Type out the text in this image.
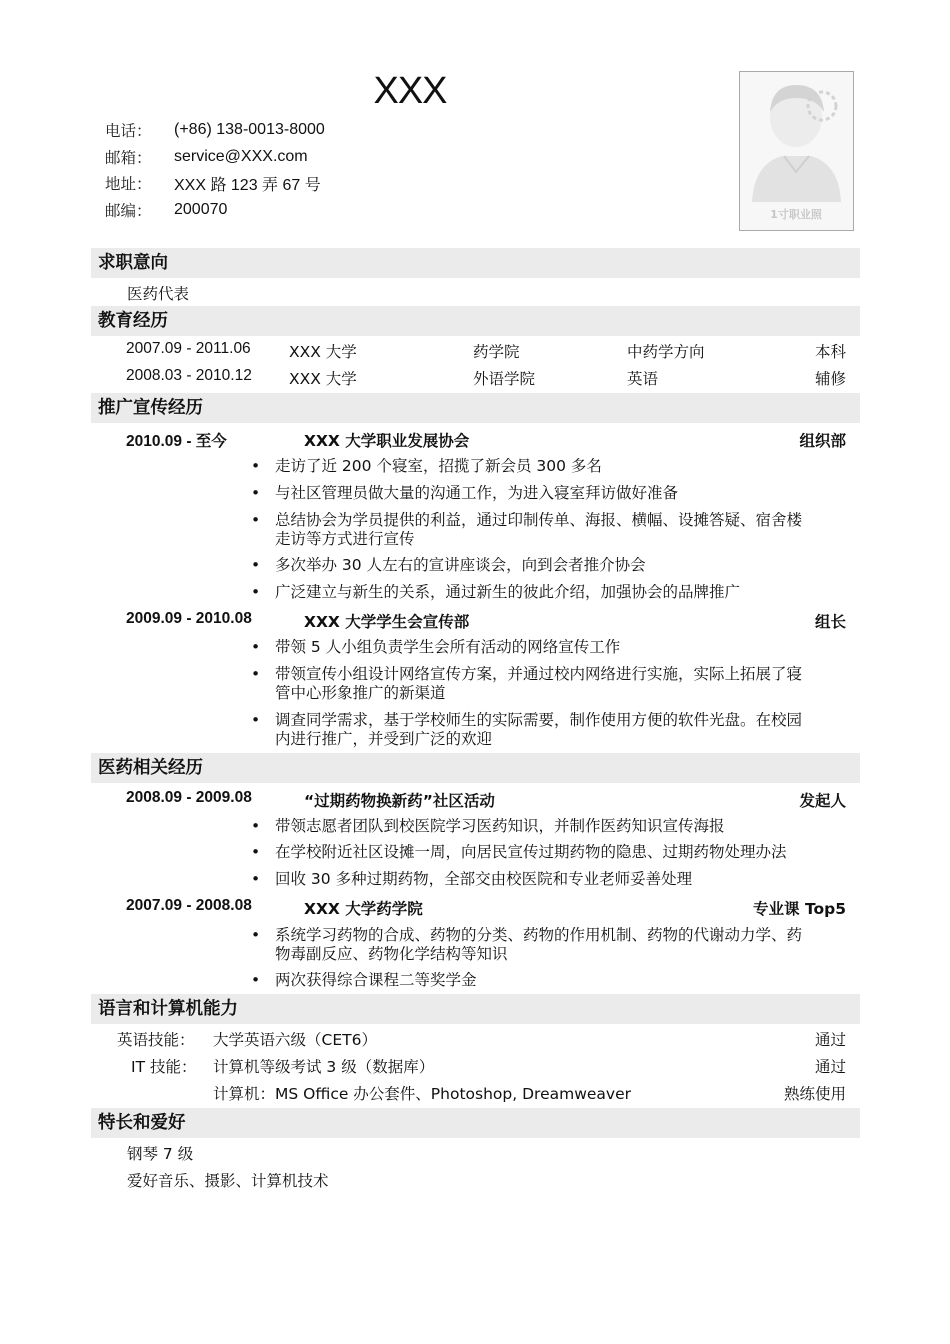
XXX
电话：	(+86) 138-0013-8000
邮箱：	service@XXX.com
地址：	XXX 路 123 弄 67 号
邮编：	200070	1寸职业照
求职意向
医药代表
教育经历
2007.09 - 2011.06 XXX 大学	药学院	中药学方向	本科
2008.03 - 2010.12 XXX 大学	外语学院	英语	辅修
推广宣传经历
2010.09 - 至今	XXX 大学职业发展协会	组织部
• 走访了近 200 个寝室，招揽了新会员 300 多名
• 与社区管理员做大量的沟通工作，为进入寝室拜访做好准备
• 总结协会为学员提供的利益，通过印制传单、海报、横幅、设摊答疑、宿舍楼
走访等方式进行宣传
• 多次举办 30 人左右的宣讲座谈会，向到会者推介协会
• 广泛建立与新生的关系，通过新生的彼此介绍，加强协会的品牌推广
2009.09 - 2010.08	XXX 大学学生会宣传部	组长
• 带领 5 人小组负责学生会所有活动的网络宣传工作
• 带领宣传小组设计网络宣传方案，并通过校内网络进行实施，实际上拓展了寝
管中心形象推广的新渠道
• 调查同学需求，基于学校师生的实际需要，制作使用方便的软件光盘。在校园
内进行推广，并受到广泛的欢迎
医药相关经历
2008.09 - 2009.08	“过期药物换新药”社区活动	发起人
• 带领志愿者团队到校医院学习医药知识，并制作医药知识宣传海报
• 在学校附近社区设摊一周，向居民宣传过期药物的隐患、过期药物处理办法
• 回收 30 多种过期药物，全部交由校医院和专业老师妥善处理
2007.09 - 2008.08	XXX 大学药学院	专业课 Top5
• 系统学习药物的合成、药物的分类、药物的作用机制、药物的代谢动力学、药
物毒副反应、药物化学结构等知识
• 两次获得综合课程二等奖学金
语言和计算机能力
英语技能： 大学英语六级（CET6）	通过
IT 技能： 计算机等级考试 3 级（数据库）	通过
计算机：MS Office 办公套件、Photoshop, Dreamweaver	熟练使用
特长和爱好
钢琴 7 级
爱好音乐、摄影、计算机技术
